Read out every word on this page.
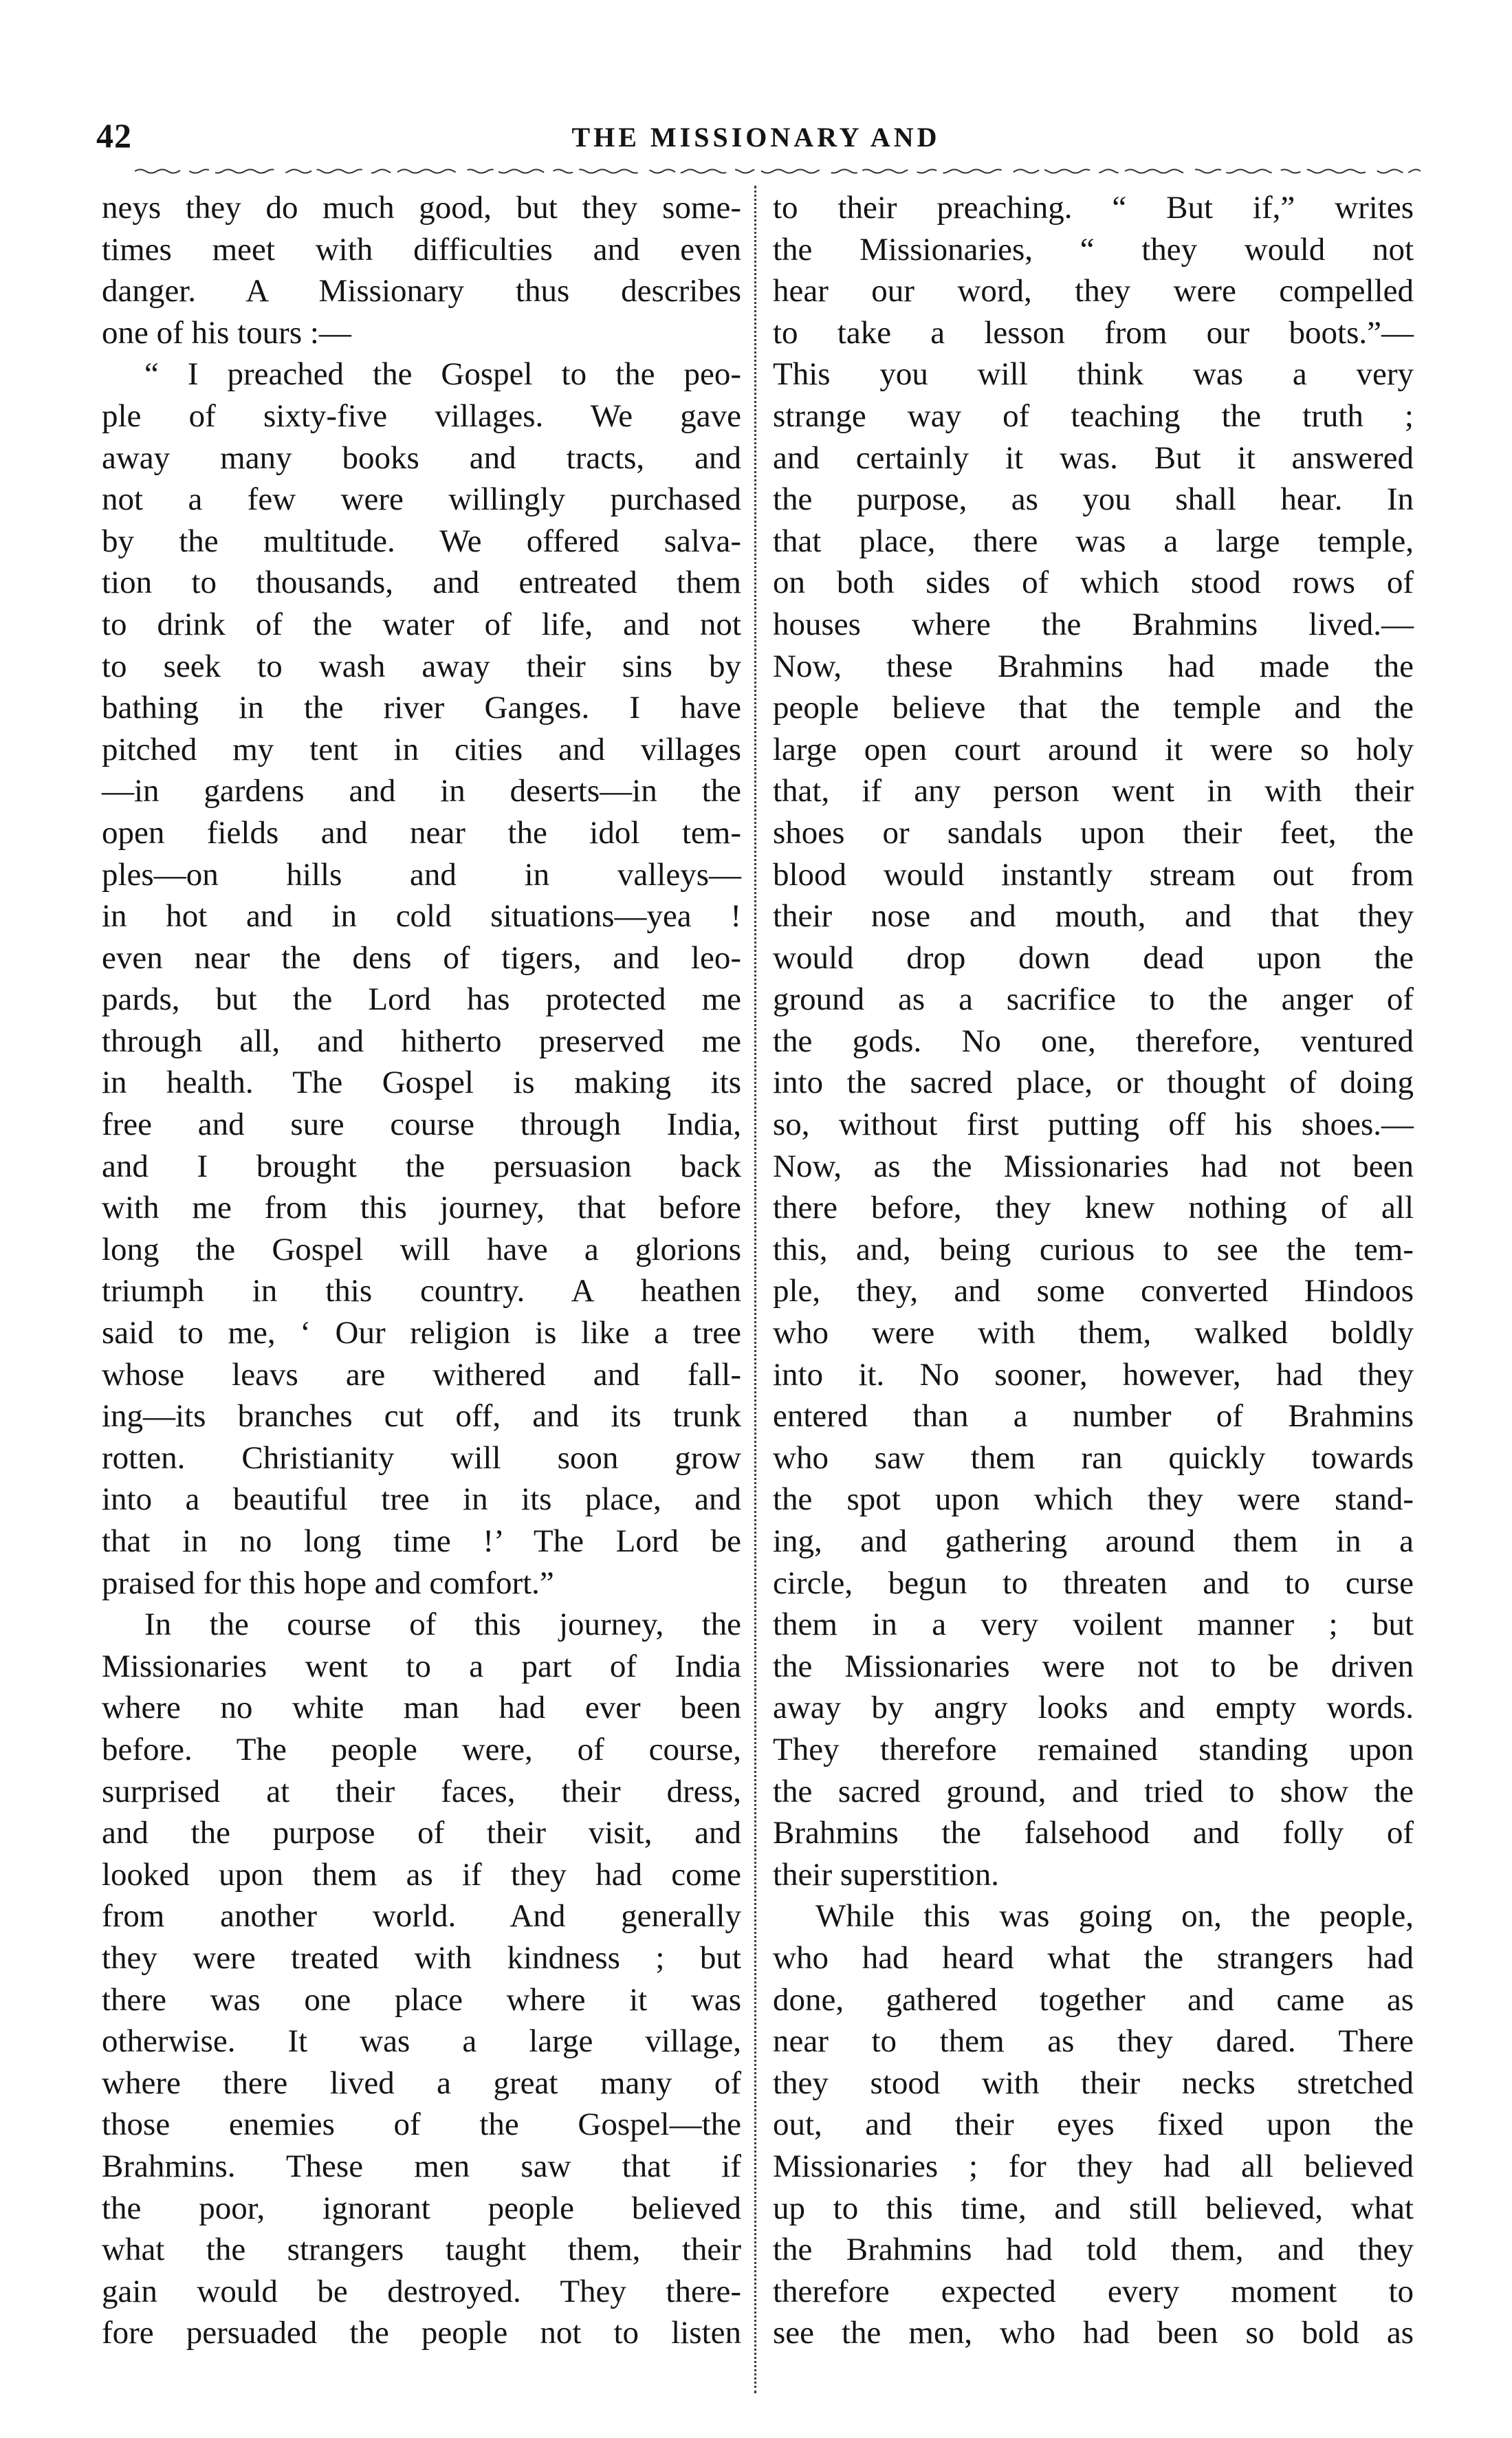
42	THE MISSIONARY AND
neys they do much good, but they some-
times meet with difficulties and even
danger. A Missionary thus describes
one of his tours :—
“ I preached the Gospel to the peo-
ple of sixty-five villages. We gave
away many books and tracts, and
not a few were willingly purchased
by the multitude. We offered salva-
tion to thousands, and entreated them
to drink of the water of life, and not
to seek to wash away their sins by
bathing in the river Ganges. I have
pitched my tent in cities and villages
—in gardens and in deserts—in the
open fields and near the idol tem-
ples—on hills and in valleys—
in hot and in cold situations—yea !
even near the dens of tigers, and leo-
pards, but the Lord has protected me
through all, and hitherto preserved me
in health. The Gospel is making its
free and sure course through India,
and I brought the persuasion back
with me from this journey, that before
long the Gospel will have a glorions
triumph in this country. A heathen
said to me, ‘ Our religion is like a tree
whose leavs are withered and fall-
ing—its branches cut off, and its trunk
rotten. Christianity will soon grow
into a beautiful tree in its place, and
that in no long time !’ The Lord be
praised for this hope and comfort.”
In the course of this journey, the
Missionaries went to a part of India
where no white man had ever been
before. The people were, of course,
surprised at their faces, their dress,
and the purpose of their visit, and
looked upon them as if they had come
from another world. And generally
they were treated with kindness ; but
there was one place where it was
otherwise. It was a large village,
where there lived a great many of
those enemies of the Gospel—the
Brahmins. These men saw that if
the poor, ignorant people believed
what the strangers taught them, their
gain would be destroyed. They there-
fore persuaded the people not to listen
to their preaching. “ But if,” writes
the Missionaries, “ they would not
hear our word, they were compelled
to take a lesson from our boots.”—
This you will think was a very
strange way of teaching the truth ;
and certainly it was. But it answered
the purpose, as you shall hear. In
that place, there was a large temple,
on both sides of which stood rows of
houses where the Brahmins lived.—
Now, these Brahmins had made the
people believe that the temple and the
large open court around it were so holy
that, if any person went in with their
shoes or sandals upon their feet, the
blood would instantly stream out from
their nose and mouth, and that they
would drop down dead upon the
ground as a sacrifice to the anger of
the gods. No one, therefore, ventured
into the sacred place, or thought of doing
so, without first putting off his shoes.—
Now, as the Missionaries had not been
there before, they knew nothing of all
this, and, being curious to see the tem-
ple, they, and some converted Hindoos
who were with them, walked boldly
into it. No sooner, however, had they
entered than a number of Brahmins
who saw them ran quickly towards
the spot upon which they were stand-
ing, and gathering around them in a
circle, begun to threaten and to curse
them in a very voilent manner ; but
the Missionaries were not to be driven
away by angry looks and empty words.
They therefore remained standing upon
the sacred ground, and tried to show the
Brahmins the falsehood and folly of
their superstition.
While this was going on, the people,
who had heard what the strangers had
done, gathered together and came as
near to them as they dared. There
they stood with their necks stretched
out, and their eyes fixed upon the
Missionaries ; for they had all believed
up to this time, and still believed, what
the Brahmins had told them, and they
therefore expected every moment to
see the men, who had been so bold as
